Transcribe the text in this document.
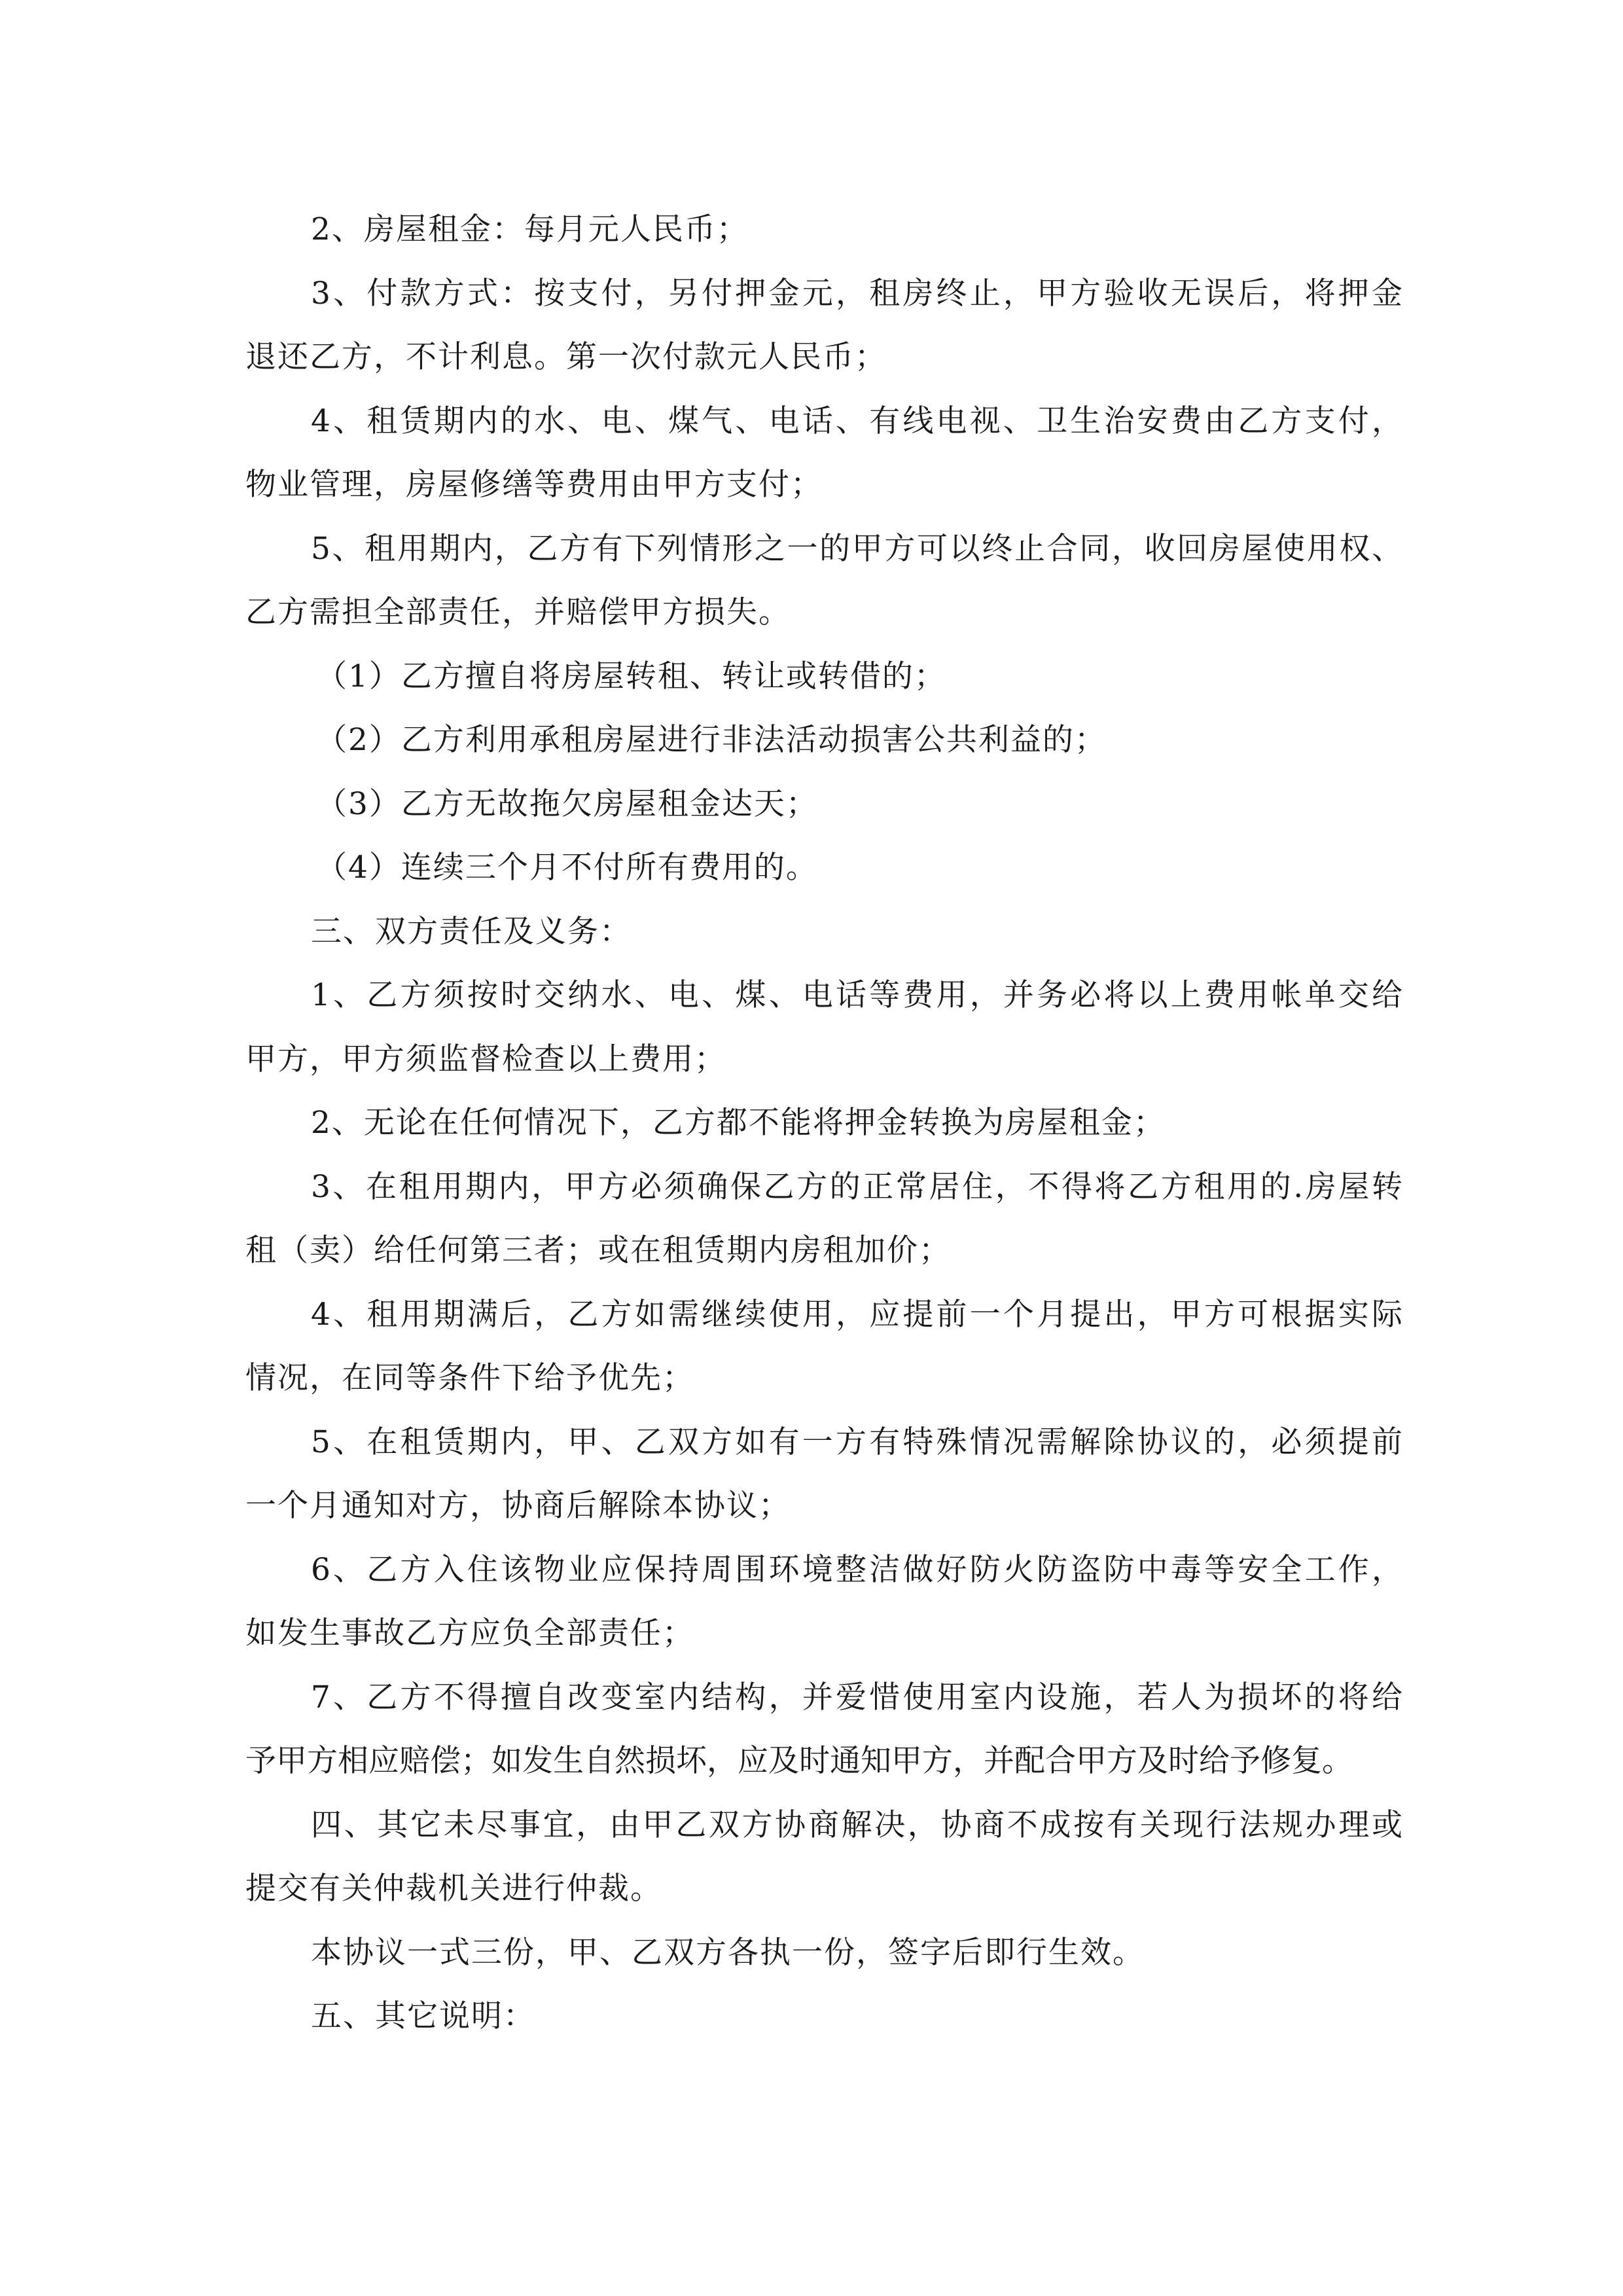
2、房屋租金：每月元人民币；
3、付款方式：按支付，另付押金元，租房终止，甲方验收无误后，将押金
退还乙方，不计利息。第一次付款元人民币；
4、租赁期内的水、电、煤气、电话、有线电视、卫生治安费由乙方支付，
物业管理，房屋修缮等费用由甲方支付；
5、租用期内，乙方有下列情形之一的甲方可以终止合同，收回房屋使用权、
乙方需担全部责任，并赔偿甲方损失。
（1）乙方擅自将房屋转租、转让或转借的；
（2）乙方利用承租房屋进行非法活动损害公共利益的；
（3）乙方无故拖欠房屋租金达天；
（4）连续三个月不付所有费用的。
三、双方责任及义务：
1、乙方须按时交纳水、电、煤、电话等费用，并务必将以上费用帐单交给
甲方，甲方须监督检查以上费用；
2、无论在任何情况下，乙方都不能将押金转换为房屋租金；
3、在租用期内，甲方必须确保乙方的正常居住，不得将乙方租用的.房屋转
租（卖）给任何第三者；或在租赁期内房租加价；
4、租用期满后，乙方如需继续使用，应提前一个月提出，甲方可根据实际
情况，在同等条件下给予优先；
5、在租赁期内，甲、乙双方如有一方有特殊情况需解除协议的，必须提前
一个月通知对方，协商后解除本协议；
6、乙方入住该物业应保持周围环境整洁做好防火防盗防中毒等安全工作，
如发生事故乙方应负全部责任；
7、乙方不得擅自改变室内结构，并爱惜使用室内设施，若人为损坏的将给
予甲方相应赔偿；如发生自然损坏，应及时通知甲方，并配合甲方及时给予修复。
四、其它未尽事宜，由甲乙双方协商解决，协商不成按有关现行法规办理或
提交有关仲裁机关进行仲裁。
本协议一式三份，甲、乙双方各执一份，签字后即行生效。
五、其它说明：
